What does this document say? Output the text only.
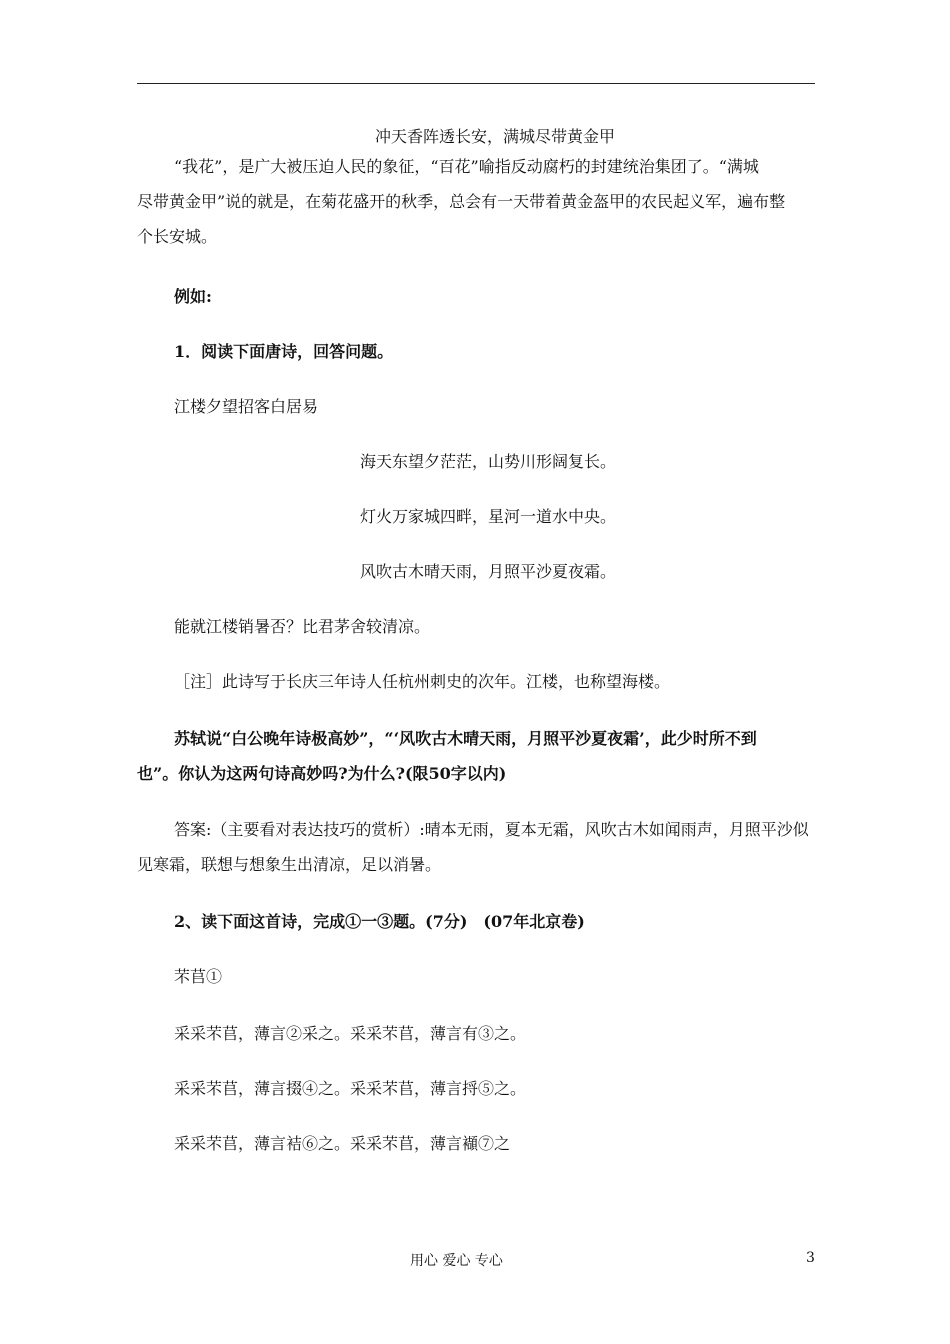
冲天香阵透长安，满城尽带黄金甲
“我花”，是广大被压迫人民的象征，“百花”喻指反动腐朽的封建统治集团了。“满城
尽带黄金甲”说的就是，在菊花盛开的秋季，总会有一天带着黄金盔甲的农民起义军，遍布整
个长安城。
例如:
1．阅读下面唐诗，回答问题。
江楼夕望招客白居易
海天东望夕茫茫，山势川形阔复长。
灯火万家城四畔，星河一道水中央。
风吹古木晴天雨，月照平沙夏夜霜。
能就江楼销暑否？比君茅舍较清凉。
［注］此诗写于长庆三年诗人任杭州刺史的次年。江楼，也称望海楼。
苏轼说“白公晚年诗极高妙”，“‘风吹古木晴天雨，月照平沙夏夜霜’，此少时所不到
也”。你认为这两句诗高妙吗?为什么?(限50字以内)
答案:（主要看对表达技巧的赏析）:晴本无雨，夏本无霜，风吹古木如闻雨声，月照平沙似
见寒霜，联想与想象生出清凉，足以消暑。
2、读下面这首诗，完成①一③题。(7分)　(07年北京卷)
芣苢①
采采芣苢，薄言②采之。采采芣苢，薄言有③之。
采采芣苢，薄言掇④之。采采芣苢，薄言捋⑤之。
采采芣苢，薄言袺⑥之。采采芣苢，薄言襭⑦之
用心 爱心 专心	3
